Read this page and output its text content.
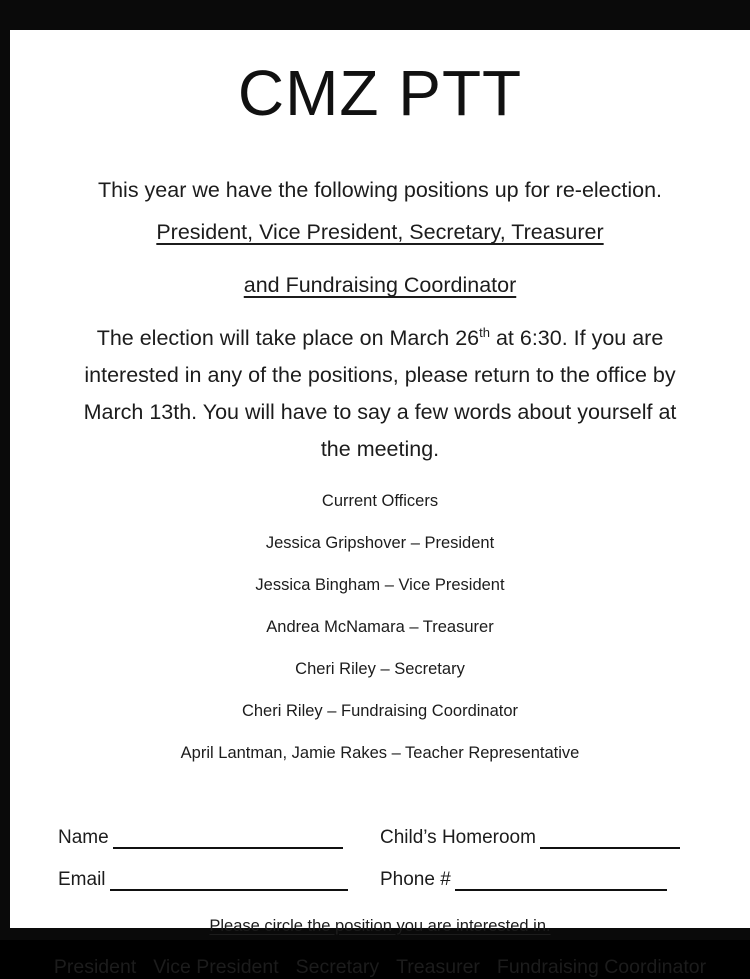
CMZ PTT

This year we have the following positions up for re-election.

President, Vice President, Secretary, Treasurer

and Fundraising Coordinator

The election will take place on March 26th at 6:30. If you are interested in any of the positions, please return to the office by March 13th. You will have to say a few words about yourself at the meeting.

Current Officers

Jessica Gripshover – President

Jessica Bingham – Vice President

Andrea McNamara – Treasurer

Cheri Riley – Secretary

Cheri Riley – Fundraising Coordinator

April Lantman, Jamie Rakes – Teacher Representative

Name	Child’s Homeroom
Email	Phone #

Please circle the position you are interested in.

President Vice President Secretary Treasurer Fundraising Coordinator
